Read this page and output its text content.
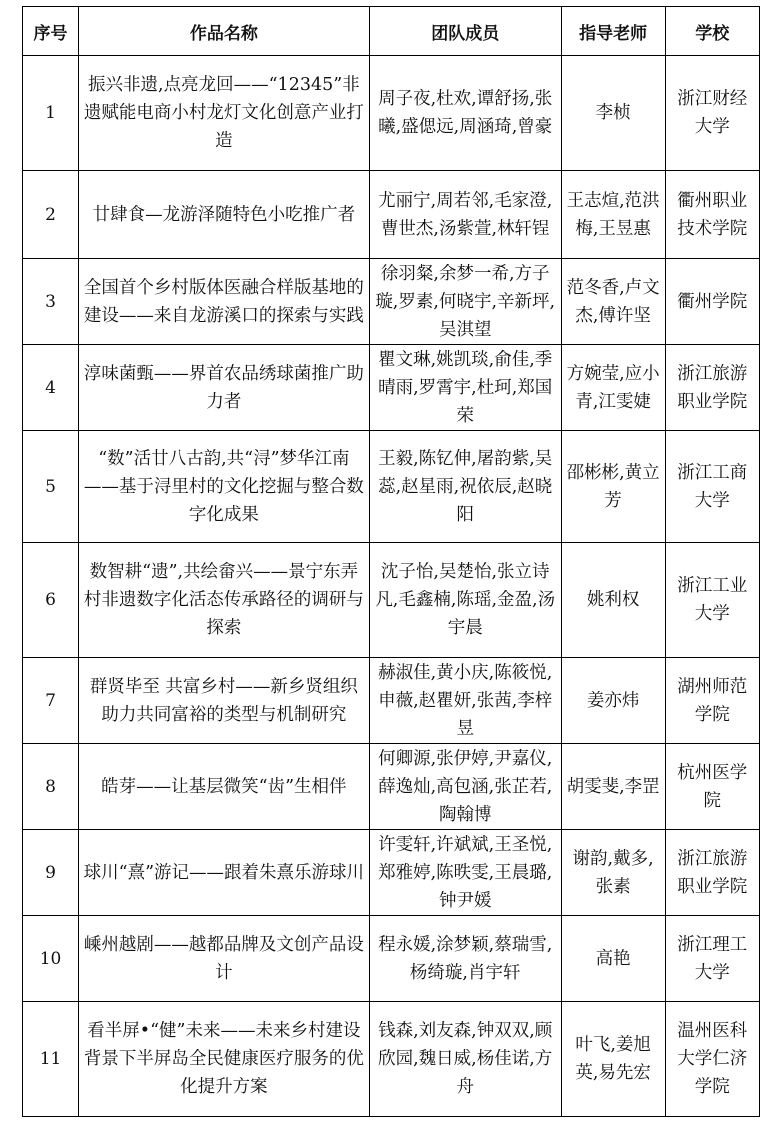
序号	作品名称	团队成员	指导老师	学校
1	振兴非遗,点亮龙回——“12345”非遗赋能电商小村龙灯文化创意产业打造	周子夜,杜欢,谭舒扬,张曦,盛偲远,周涵琦,曾豪	李桢	浙江财经大学
2	廿肆食—龙游泽随特色小吃推广者	尤丽宁,周若邻,毛家澄,曹世杰,汤紫萱,林轩锃	王志煊,范洪梅,王昱惠	衢州职业技术学院
3	全国首个乡村版体医融合样版基地的建设——来自龙游溪口的探索与实践	徐羽粲,余梦一希,方子璇,罗素,何晓宇,辛新坪,吴淇望	范冬香,卢文杰,傅许坚	衢州学院
4	淳味菌甄——界首农品绣球菌推广助力者	瞿文琳,姚凯琰,俞佳,季晴雨,罗霄宇,杜珂,郑国荣	方婉莹,应小青,江雯婕	浙江旅游职业学院
5	“数”活廿八古韵,共“浔”梦华江南——基于浔里村的文化挖掘与整合数字化成果	王毅,陈钇伸,屠韵紫,吴蕊,赵星雨,祝依辰,赵晓阳	邵彬彬,黄立芳	浙江工商大学
6	数智耕“遗”,共绘畲兴——景宁东弄村非遗数字化活态传承路径的调研与探索	沈子怡,吴楚怡,张立诗凡,毛鑫楠,陈瑶,金盈,汤宇晨	姚利权	浙江工业大学
7	群贤毕至 共富乡村——新乡贤组织助力共同富裕的类型与机制研究	赫淑佳,黄小庆,陈筱悦,申薇,赵瞿妍,张茜,李梓昱	姜亦炜	湖州师范学院
8	皓芽——让基层微笑“齿”生相伴	何卿源,张伊婷,尹嘉仪,薛逸灿,高包涵,张芷若,陶翰博	胡雯斐,李罡	杭州医学院
9	球川“熹”游记——跟着朱熹乐游球川	许雯轩,许斌斌,王圣悦,郑雅婷,陈昳雯,王晨璐,钟尹媛	谢韵,戴多,张素	浙江旅游职业学院
10	嵊州越剧——越都品牌及文创产品设计	程永媛,涂梦颖,蔡瑞雪,杨绮璇,肖宇轩	高艳	浙江理工大学
11	看半屏•“健”未来——未来乡村建设背景下半屏岛全民健康医疗服务的优化提升方案	钱森,刘友森,钟双双,顾欣园,魏日威,杨佳诺,方舟	叶飞,姜旭英,易先宏	温州医科大学仁济学院
